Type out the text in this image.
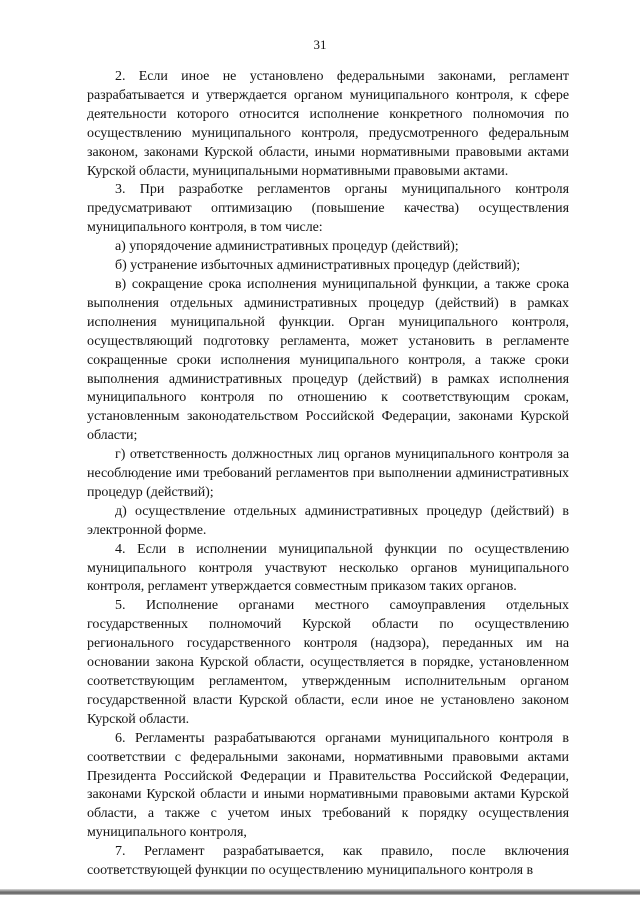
31

2. Если иное не установлено федеральными законами, регламент разрабатывается и утверждается органом муниципального контроля, к сфере деятельности которого относится исполнение конкретного полномочия по осуществлению муниципального контроля, предусмотренного федеральным законом, законами Курской области, иными нормативными правовыми актами Курской области, муниципальными нормативными правовыми актами.

3. При разработке регламентов органы муниципального контроля предусматривают оптимизацию (повышение качества) осуществления муниципального контроля, в том числе:

а) упорядочение административных процедур (действий);

б) устранение избыточных административных процедур (действий);

в) сокращение срока исполнения муниципальной функции, а также срока выполнения отдельных административных процедур (действий) в рамках исполнения муниципальной функции. Орган муниципального контроля, осуществляющий подготовку регламента, может установить в регламенте сокращенные сроки исполнения муниципального контроля, а также сроки выполнения административных процедур (действий) в рамках исполнения муниципального контроля по отношению к соответствующим срокам, установленным законодательством Российской Федерации, законами Курской области;

г) ответственность должностных лиц органов муниципального контроля за несоблюдение ими требований регламентов при выполнении административных процедур (действий);

д) осуществление отдельных административных процедур (действий) в электронной форме.

4. Если в исполнении муниципальной функции по осуществлению муниципального контроля участвуют несколько органов муниципального контроля, регламент утверждается совместным приказом таких органов.

5. Исполнение органами местного самоуправления отдельных государственных полномочий Курской области по осуществлению регионального государственного контроля (надзора), переданных им на основании закона Курской области, осуществляется в порядке, установленном соответствующим регламентом, утвержденным исполнительным органом государственной власти Курской области, если иное не установлено законом Курской области.

6. Регламенты разрабатываются органами муниципального контроля в соответствии с федеральными законами, нормативными правовыми актами Президента Российской Федерации и Правительства Российской Федерации, законами Курской области и иными нормативными правовыми актами Курской области, а также с учетом иных требований к порядку осуществления муниципального контроля,

7. Регламент разрабатывается, как правило, после включения соответствующей функции по осуществлению муниципального контроля в
